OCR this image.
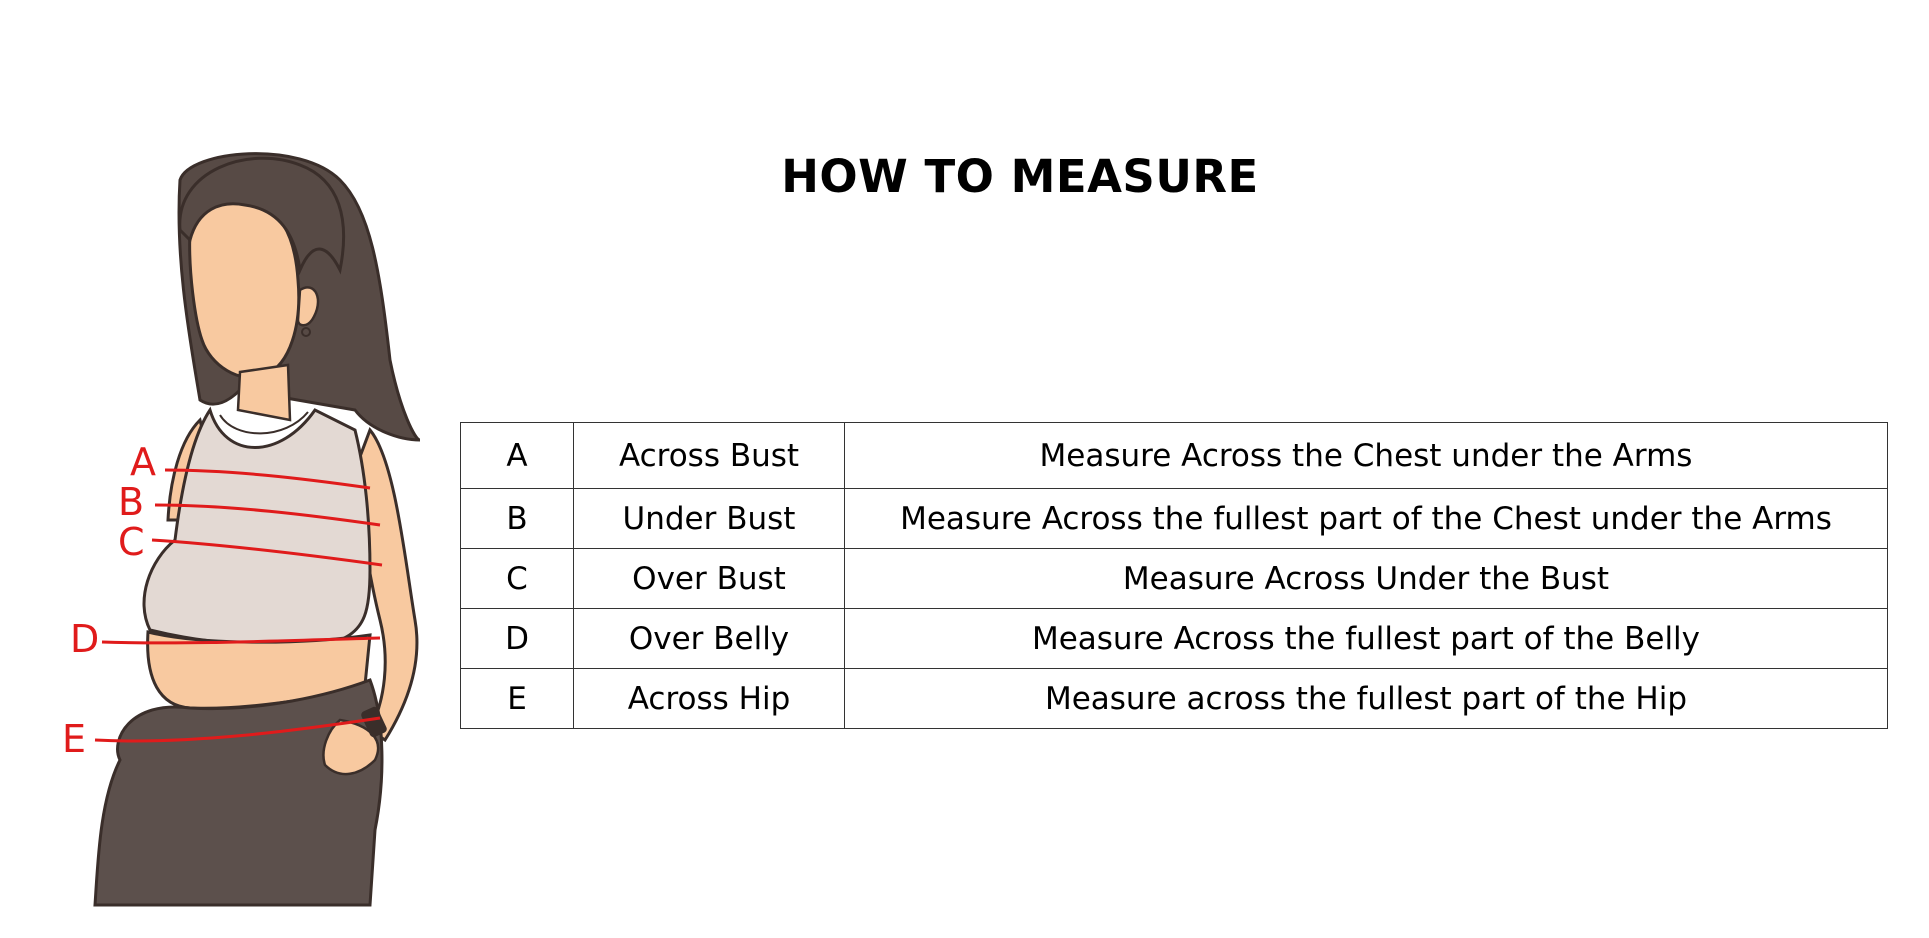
HOW TO MEASURE
A
B
C
D
E
A	Across Bust	Measure Across the Chest under the Arms
B	Under Bust	Measure Across the fullest part of the Chest under the Arms
C	Over Bust	Measure Across Under the Bust
D	Over Belly	Measure Across the fullest part of the Belly
E	Across Hip	Measure across the fullest part of the Hip
